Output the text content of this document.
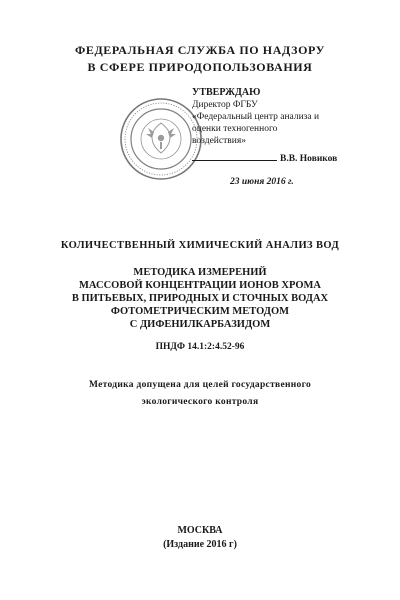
ФЕДЕРАЛЬНАЯ СЛУЖБА ПО НАДЗОРУ
В СФЕРЕ ПРИРОДОПОЛЬЗОВАНИЯ
УТВЕРЖДАЮ
Директор ФГБУ
«Федеральный центр анализа и
оценки техногенного
воздействия»
В.В. Новиков
23 июня 2016 г.
КОЛИЧЕСТВЕННЫЙ ХИМИЧЕСКИЙ АНАЛИЗ ВОД
МЕТОДИКА ИЗМЕРЕНИЙ
МАССОВОЙ КОНЦЕНТРАЦИИ ИОНОВ ХРОМА
В ПИТЬЕВЫХ, ПРИРОДНЫХ И СТОЧНЫХ ВОДАХ
ФОТОМЕТРИЧЕСКИМ МЕТОДОМ
С ДИФЕНИЛКАРБАЗИДОМ
ПНДФ 14.1:2:4.52-96
Методика допущена для целей государственного
экологического контроля
МОСКВА
(Издание 2016 г)
